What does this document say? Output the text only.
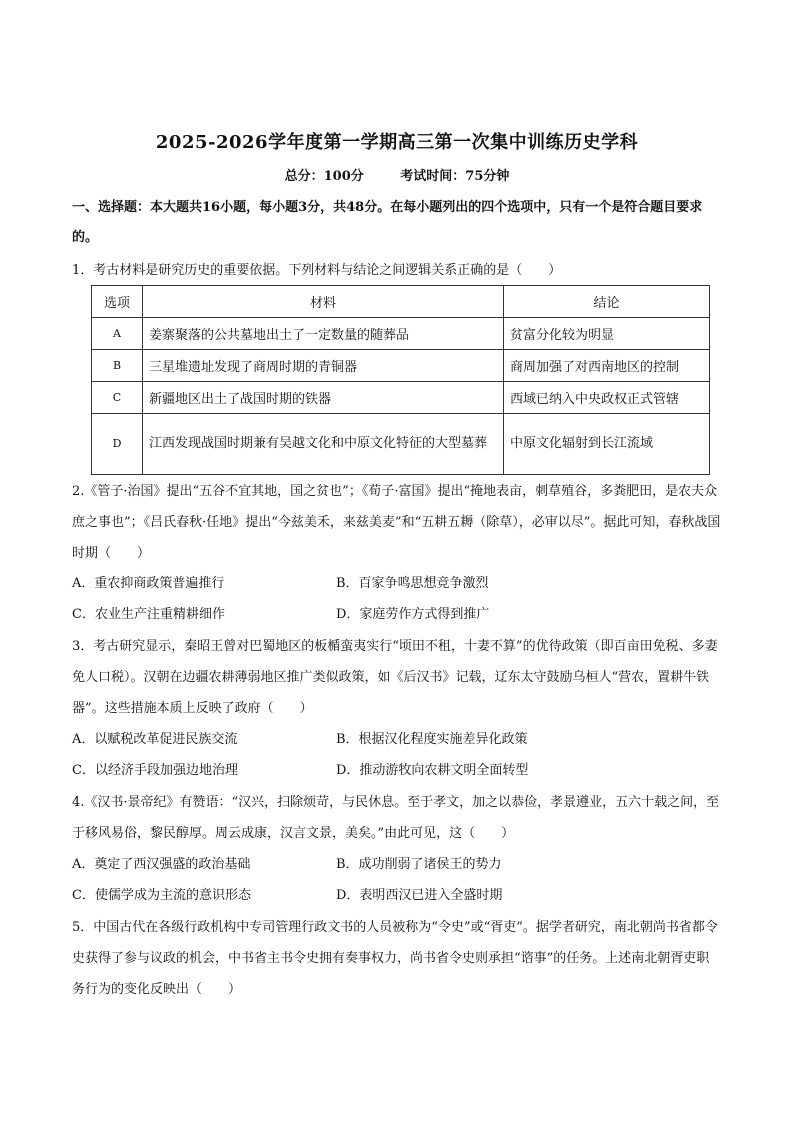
2025-2026学年度第一学期高三第一次集中训练历史学科
总分：100分	考试时间：75分钟
一、选择题：本大题共16小题，每小题3分，共48分。在每小题列出的四个选项中，只有一个是符合题目要求的。
1．考古材料是研究历史的重要依据。下列材料与结论之间逻辑关系正确的是（　　）
选项	材料	结论
A	姜寨聚落的公共墓地出土了一定数量的随葬品	贫富分化较为明显
B	三星堆遗址发现了商周时期的青铜器	商周加强了对西南地区的控制
C	新疆地区出土了战国时期的铁器	西域已纳入中央政权正式管辖
D	江西发现战国时期兼有吴越文化和中原文化特征的大型墓葬	中原文化辐射到长江流域
2.《管子·治国》提出“五谷不宜其地，国之贫也”；《荀子·富国》提出“掩地表亩，刺草殖谷，多粪肥田，是农夫众庶之事也”；《吕氏春秋·任地》提出“今兹美禾，来兹美麦”和“五耕五耨（除草），必审以尽”。据此可知，春秋战国时期（　　）
A．重农抑商政策普遍推行	B．百家争鸣思想竞争激烈
C．农业生产注重精耕细作	D．家庭劳作方式得到推广
3．考古研究显示，秦昭王曾对巴蜀地区的板楯蛮夷实行“顷田不租，十妻不算”的优待政策（即百亩田免税、多妻免人口税）。汉朝在边疆农耕薄弱地区推广类似政策，如《后汉书》记载，辽东太守鼓励乌桓人“营农，置耕牛铁器”。这些措施本质上反映了政府（　　）
A．以赋税改革促进民族交流	B．根据汉化程度实施差异化政策
C．以经济手段加强边地治理	D．推动游牧向农耕文明全面转型
4.《汉书·景帝纪》有赞语：“汉兴，扫除烦苛，与民休息。至于孝文，加之以恭俭，孝景遵业，五六十载之间，至于移风易俗，黎民醇厚。周云成康，汉言文景，美矣。”由此可见，这（　　）
A．奠定了西汉强盛的政治基础	B．成功削弱了诸侯王的势力
C．使儒学成为主流的意识形态	D．表明西汉已进入全盛时期
5．中国古代在各级行政机构中专司管理行政文书的人员被称为“令史”或“胥吏”。据学者研究，南北朝尚书省都令史获得了参与议政的机会，中书省主书令史拥有奏事权力，尚书省令史则承担“谘事”的任务。上述南北朝胥吏职务行为的变化反映出（　　）
